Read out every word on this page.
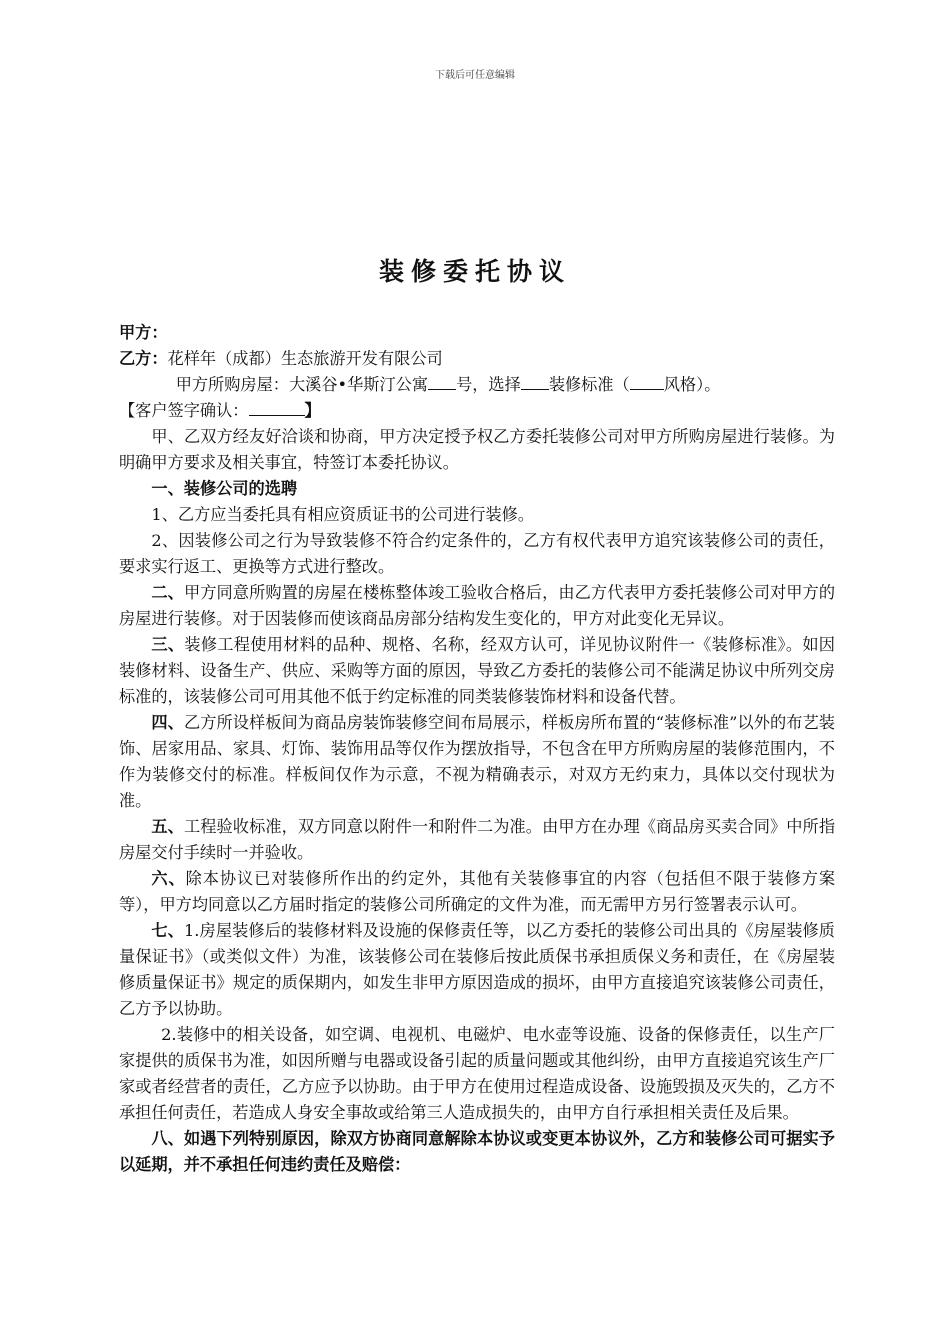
下载后可任意编辑
装修委托协议

甲方：

乙方：花样年（成都）生态旅游开发有限公司

甲方所购房屋：大溪谷•华斯汀公寓 号，选择 装修标准（ 风格）。

【客户签字确认：	】

甲、乙双方经友好洽谈和协商，甲方决定授予权乙方委托装修公司对甲方所购房屋进行装修。为明确甲方要求及相关事宜，特签订本委托协议。

一、装修公司的选聘

1、乙方应当委托具有相应资质证书的公司进行装修。

2、因装修公司之行为导致装修不符合约定条件的，乙方有权代表甲方追究该装修公司的责任，要求实行返工、更换等方式进行整改。

二、甲方同意所购置的房屋在楼栋整体竣工验收合格后，由乙方代表甲方委托装修公司对甲方的房屋进行装修。对于因装修而使该商品房部分结构发生变化的，甲方对此变化无异议。

三、装修工程使用材料的品种、规格、名称，经双方认可，详见协议附件一《装修标准》。如因装修材料、设备生产、供应、采购等方面的原因，导致乙方委托的装修公司不能满足协议中所列交房标准的，该装修公司可用其他不低于约定标准的同类装修装饰材料和设备代替。

四、乙方所设样板间为商品房装饰装修空间布局展示，样板房所布置的“装修标准”以外的布艺装饰、居家用品、家具、灯饰、装饰用品等仅作为摆放指导，不包含在甲方所购房屋的装修范围内，不作为装修交付的标准。样板间仅作为示意，不视为精确表示，对双方无约束力，具体以交付现状为准。

五、工程验收标准，双方同意以附件一和附件二为准。由甲方在办理《商品房买卖合同》中所指房屋交付手续时一并验收。

六、除本协议已对装修所作出的约定外，其他有关装修事宜的内容（包括但不限于装修方案等），甲方均同意以乙方届时指定的装修公司所确定的文件为准，而无需甲方另行签署表示认可。

七、1.房屋装修后的装修材料及设施的保修责任等，以乙方委托的装修公司出具的《房屋装修质量保证书》（或类似文件）为准，该装修公司在装修后按此质保书承担质保义务和责任，在《房屋装修质量保证书》规定的质保期内，如发生非甲方原因造成的损坏，由甲方直接追究该装修公司责任，乙方予以协助。

2.装修中的相关设备，如空调、电视机、电磁炉、电水壶等设施、设备的保修责任，以生产厂家提供的质保书为准，如因所赠与电器或设备引起的质量问题或其他纠纷，由甲方直接追究该生产厂家或者经营者的责任，乙方应予以协助。由于甲方在使用过程造成设备、设施毁损及灭失的，乙方不承担任何责任，若造成人身安全事故或给第三人造成损失的，由甲方自行承担相关责任及后果。

八、如遇下列特别原因，除双方协商同意解除本协议或变更本协议外，乙方和装修公司可据实予以延期，并不承担任何违约责任及赔偿：
